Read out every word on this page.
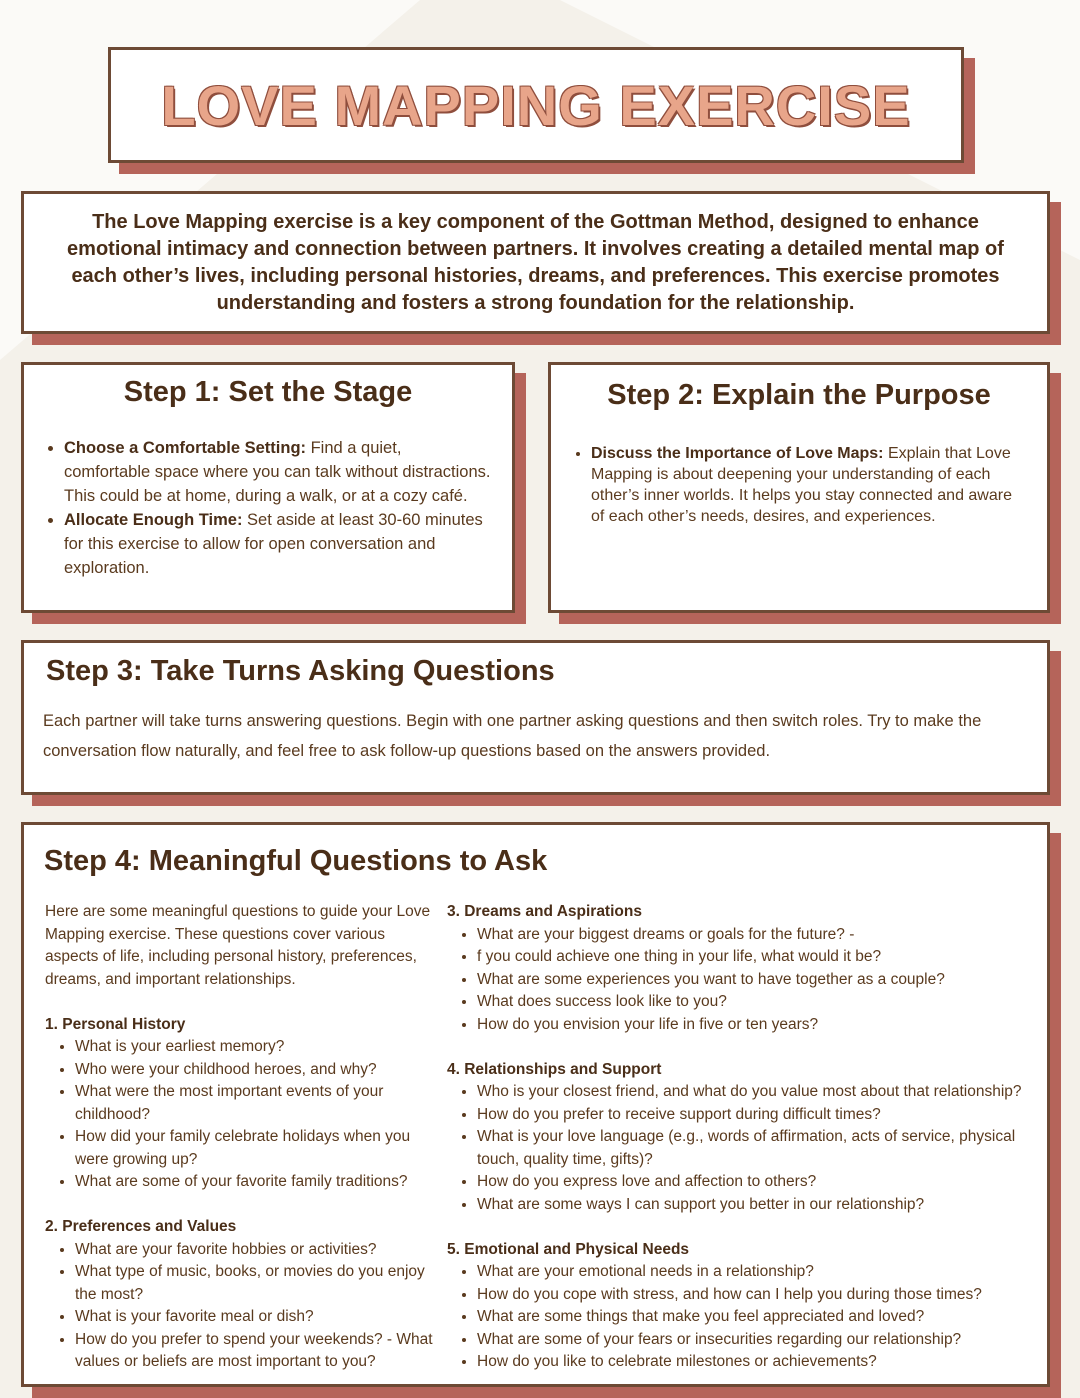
LOVE MAPPING EXERCISE

The Love Mapping exercise is a key component of the Gottman Method, designed to enhance emotional intimacy and connection between partners. It involves creating a detailed mental map of each other’s lives, including personal histories, dreams, and preferences. This exercise promotes understanding and fosters a strong foundation for the relationship.

Step 1: Set the Stage
• Choose a Comfortable Setting: Find a quiet, comfortable space where you can talk without distractions. This could be at home, during a walk, or at a cozy café.
• Allocate Enough Time: Set aside at least 30-60 minutes for this exercise to allow for open conversation and exploration.
Step 2: Explain the Purpose
• Discuss the Importance of Love Maps: Explain that Love Mapping is about deepening your understanding of each other’s inner worlds. It helps you stay connected and aware of each other’s needs, desires, and experiences.
Step 3: Take Turns Asking Questions

Each partner will take turns answering questions. Begin with one partner asking questions and then switch roles. Try to make the conversation flow naturally, and feel free to ask follow-up questions based on the answers provided.

Step 4: Meaningful Questions to Ask

Here are some meaningful questions to guide your Love Mapping exercise. These questions cover various aspects of life, including personal history, preferences, dreams, and important relationships.

1. Personal History

• What is your earliest memory?
• Who were your childhood heroes, and why?
• What were the most important events of your childhood?
• How did your family celebrate holidays when you were growing up?
• What are some of your favorite family traditions?

2. Preferences and Values

• What are your favorite hobbies or activities?
• What type of music, books, or movies do you enjoy the most?
• What is your favorite meal or dish?
• How do you prefer to spend your weekends? - What values or beliefs are most important to you?

3. Dreams and Aspirations

• What are your biggest dreams or goals for the future? -
• f you could achieve one thing in your life, what would it be?
• What are some experiences you want to have together as a couple?
• What does success look like to you?
• How do you envision your life in five or ten years?

4. Relationships and Support

• Who is your closest friend, and what do you value most about that relationship?
• How do you prefer to receive support during difficult times?
• What is your love language (e.g., words of affirmation, acts of service, physical touch, quality time, gifts)?
• How do you express love and affection to others?
• What are some ways I can support you better in our relationship?

5. Emotional and Physical Needs

• What are your emotional needs in a relationship?
• How do you cope with stress, and how can I help you during those times?
• What are some things that make you feel appreciated and loved?
• What are some of your fears or insecurities regarding our relationship?
• How do you like to celebrate milestones or achievements?
